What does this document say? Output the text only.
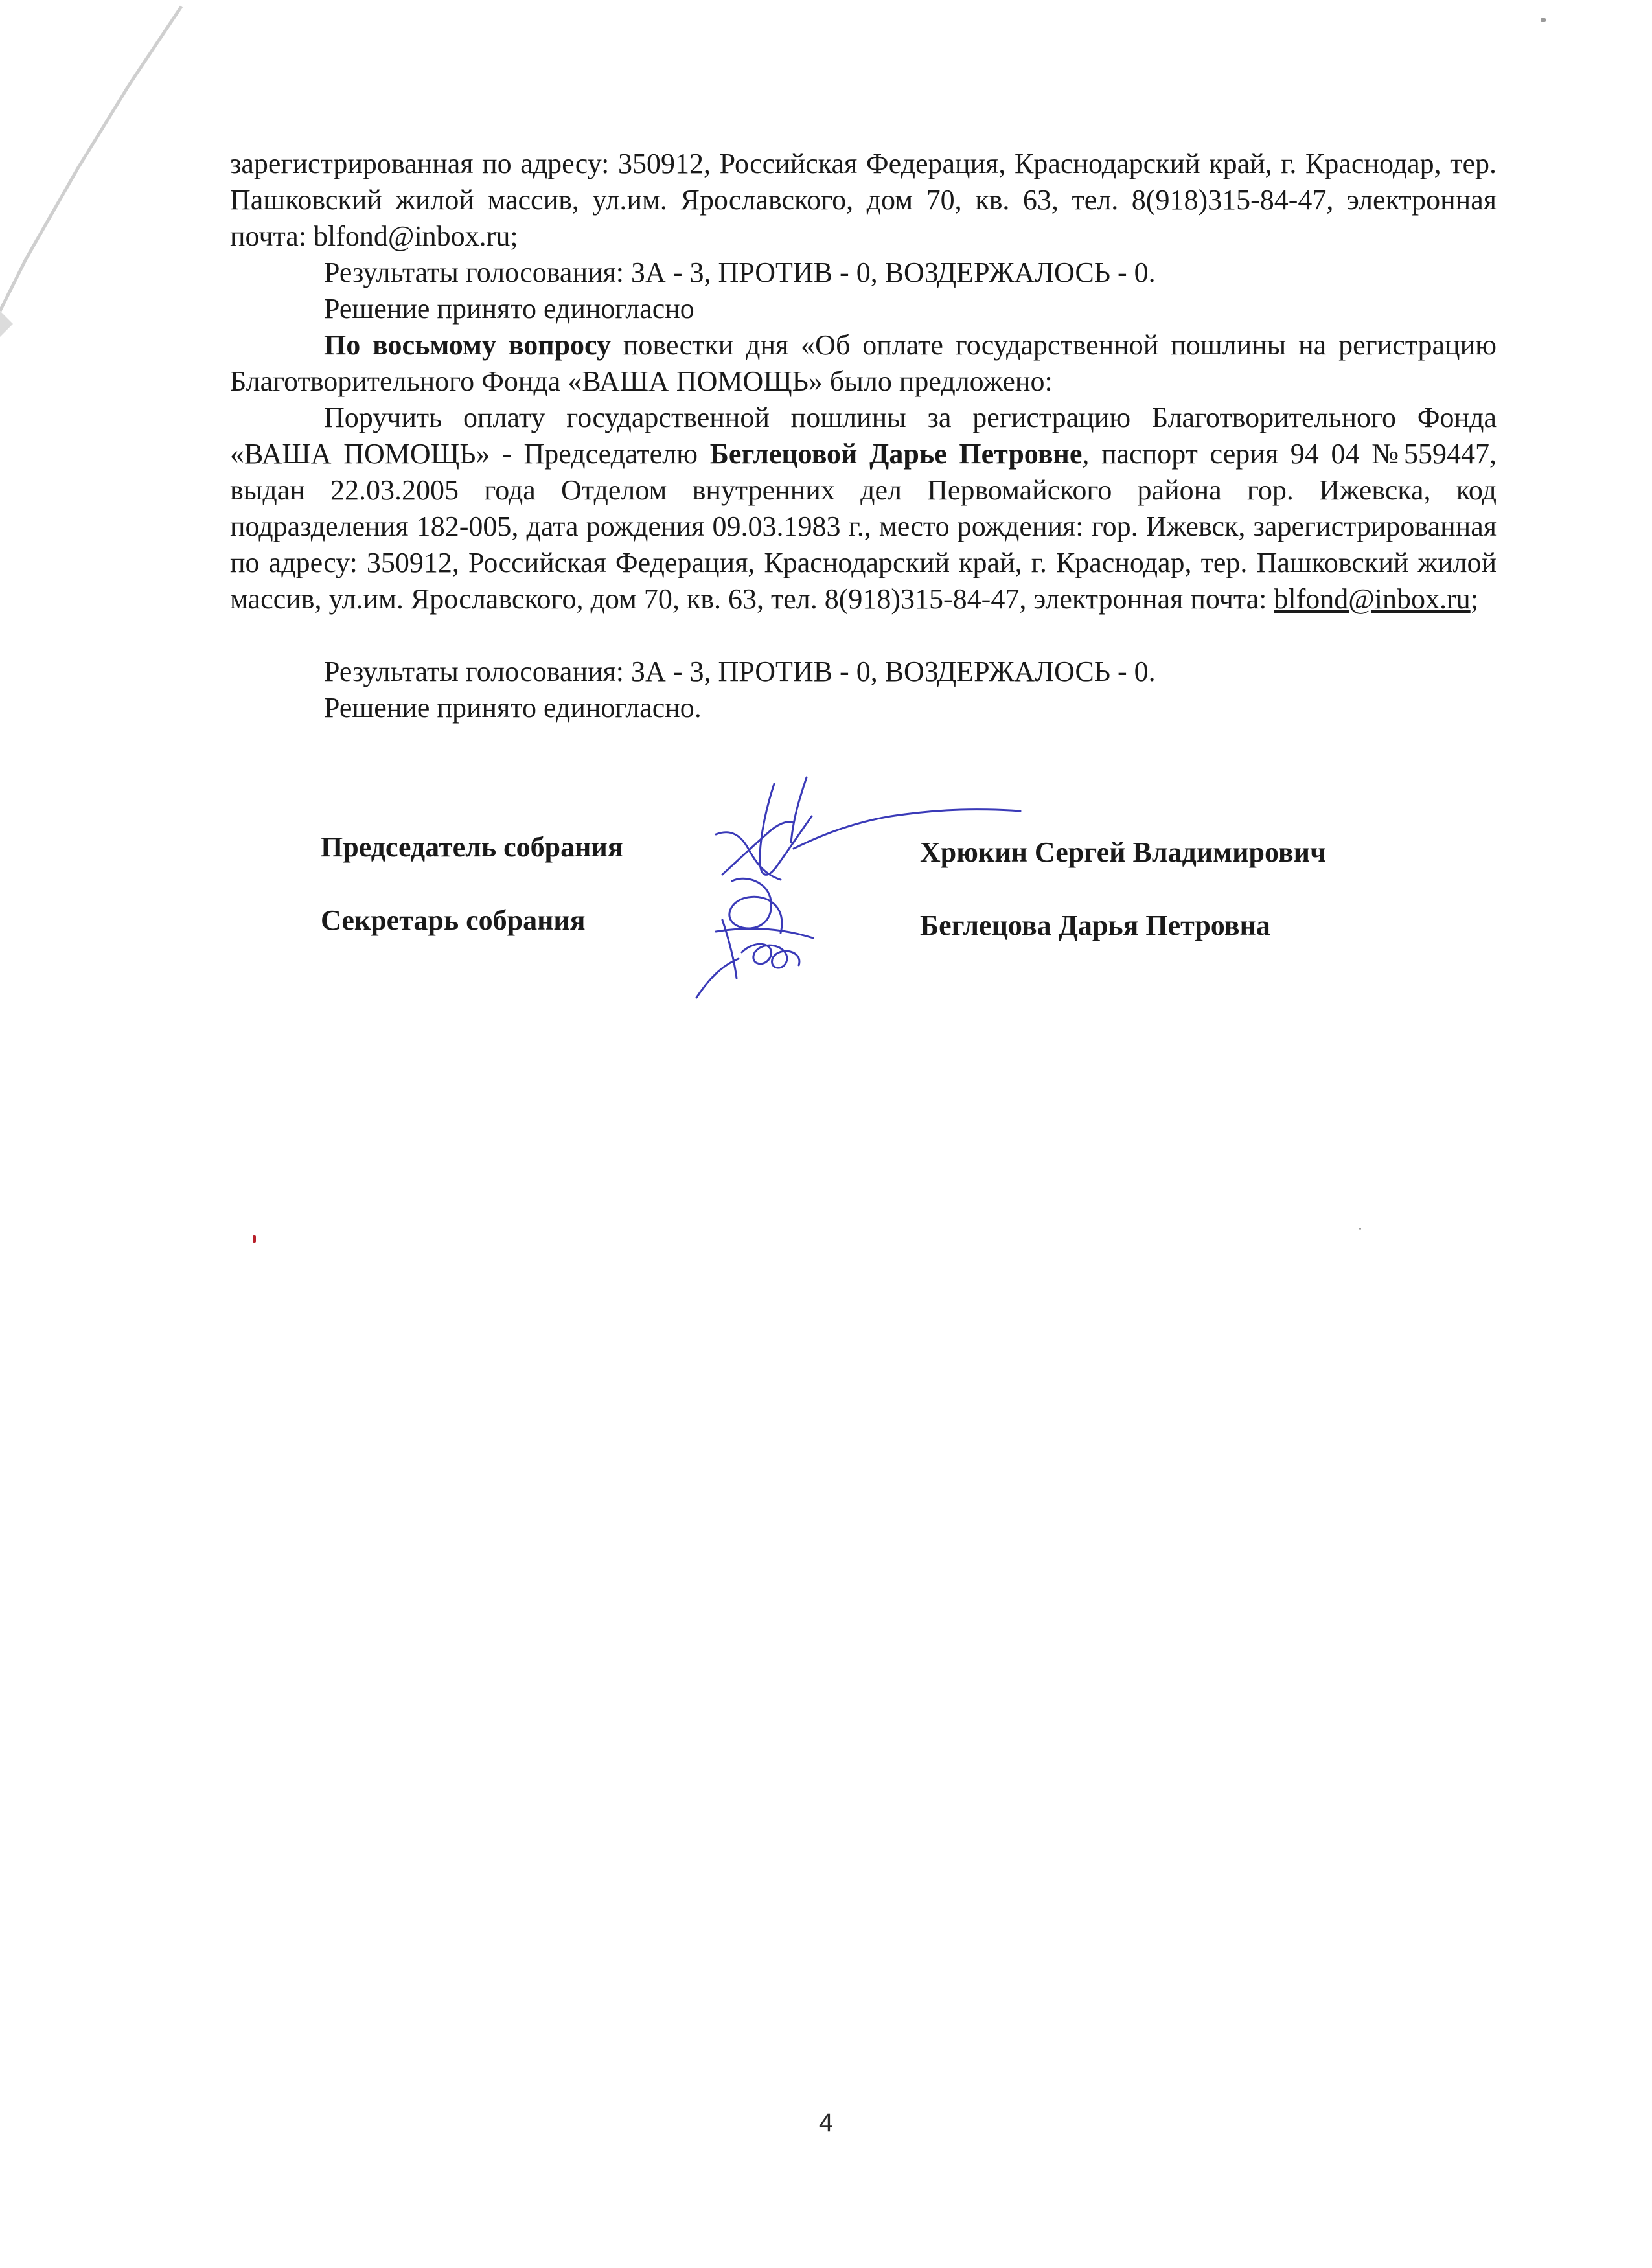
зарегистрированная по адресу: 350912, Российская Федерация, Краснодарский край, г. Краснодар, тер. Пашковский жилой массив, ул.им. Ярославского, дом 70, кв. 63, тел. 8(918)315-84-47, электронная почта: blfond@inbox.ru;

Результаты голосования: ЗА - 3, ПРОТИВ - 0, ВОЗДЕРЖАЛОСЬ - 0.

Решение принято единогласно

По восьмому вопросу повестки дня «Об оплате государственной пошлины на регистрацию Благотворительного Фонда «ВАША ПОМОЩЬ» было предложено:

Поручить оплату государственной пошлины за регистрацию Благотворительного Фонда «ВАША ПОМОЩЬ» - Председателю Беглецовой Дарье Петровне, паспорт серия 94 04 №559447, выдан 22.03.2005 года Отделом внутренних дел Первомайского района гор. Ижевска, код подразделения 182-005, дата рождения 09.03.1983 г., место рождения: гор. Ижевск, зарегистрированная по адресу: 350912, Российская Федерация, Краснодарский край, г. Краснодар, тер. Пашковский жилой массив, ул.им. Ярославского, дом 70, кв. 63, тел. 8(918)315-84-47, электронная почта: blfond@inbox.ru;

Результаты голосования: ЗА - 3, ПРОТИВ - 0, ВОЗДЕРЖАЛОСЬ - 0.

Решение принято единогласно.

Председатель собрания	Хрюкин Сергей Владимирович
Секретарь собрания	Беглецова Дарья Петровна
4
